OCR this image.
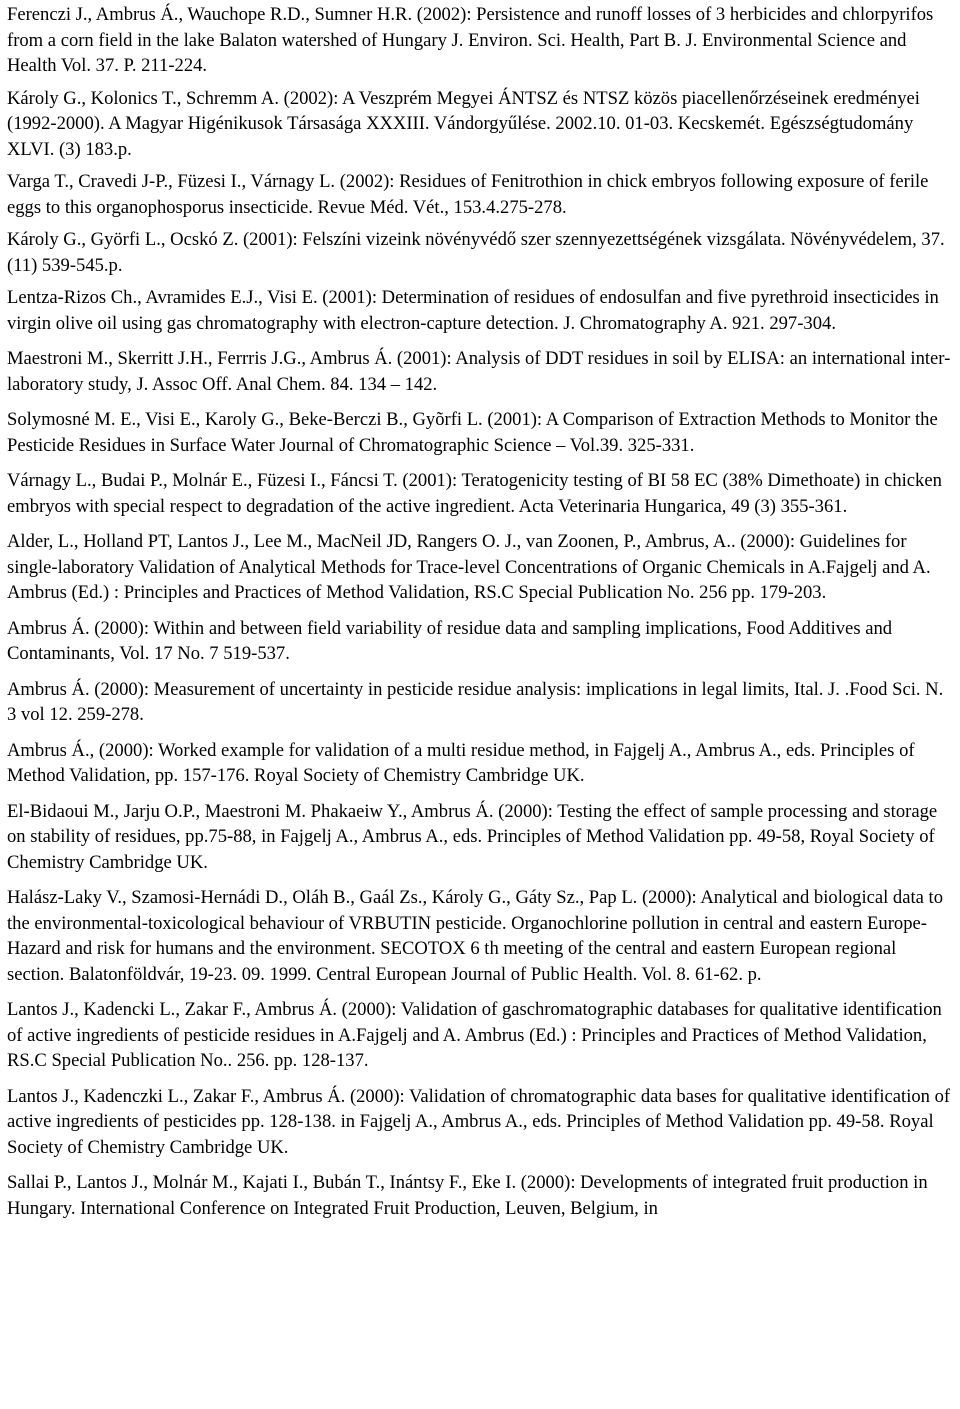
Ferenczi J., Ambrus Á., Wauchope R.D., Sumner H.R. (2002): Persistence and runoff losses of 3 herbicides and chlorpyrifos from a corn field in the lake Balaton watershed of Hungary J. Environ. Sci. Health, Part B. J. Environmental Science and Health Vol. 37. P. 211-224.

Károly G., Kolonics T., Schremm A. (2002): A Veszprém Megyei ÁNTSZ és NTSZ közös piacellenőrzéseinek eredményei (1992-2000). A Magyar Higénikusok Társasága XXXIII. Vándorgyűlése. 2002.10. 01-03. Kecskemét. Egészségtudomány XLVI. (3) 183.p.

Varga T., Cravedi J-P., Füzesi I., Várnagy L. (2002): Residues of Fenitrothion in chick embryos following exposure of ferile eggs to this organophosporus insecticide. Revue Méd. Vét., 153.4.275-278.

Károly G., Györfi L., Ocskó Z. (2001): Felszíni vizeink növényvédő szer szennyezettségének vizsgálata. Növényvédelem, 37. (11) 539-545.p.

Lentza-Rizos Ch., Avramides E.J., Visi E. (2001): Determination of residues of endosulfan and five pyrethroid insecticides in virgin olive oil using gas chromatography with electron-capture detection. J. Chromatography A. 921. 297-304.

Maestroni M., Skerritt J.H., Ferrris J.G., Ambrus Á. (2001): Analysis of DDT residues in soil by ELISA: an international inter-laboratory study, J. Assoc Off. Anal Chem. 84. 134 – 142.

Solymosné M. E., Visi E., Karoly G., Beke-Berczi B., Gyõrfi L. (2001): A Comparison of Extraction Methods to Monitor the Pesticide Residues in Surface Water Journal of Chromatographic Science – Vol.39. 325-331.

Várnagy L., Budai P., Molnár E., Füzesi I., Fáncsi T. (2001): Teratogenicity testing of BI 58 EC (38% Dimethoate) in chicken embryos with special respect to degradation of the active ingredient. Acta Veterinaria Hungarica, 49 (3) 355-361.

Alder, L., Holland PT, Lantos J., Lee M., MacNeil JD, Rangers O. J., van Zoonen, P., Ambrus, A.. (2000): Guidelines for single-laboratory Validation of Analytical Methods for Trace-level Concentrations of Organic Chemicals in A.Fajgelj and A. Ambrus (Ed.) : Principles and Practices of Method Validation, RS.C Special Publication No. 256 pp. 179-203.

Ambrus Á. (2000): Within and between field variability of residue data and sampling implications, Food Additives and Contaminants, Vol. 17 No. 7 519-537.

Ambrus Á. (2000): Measurement of uncertainty in pesticide residue analysis: implications in legal limits, Ital. J. .Food Sci. N. 3 vol 12. 259-278.

Ambrus Á., (2000): Worked example for validation of a multi residue method, in Fajgelj A., Ambrus A., eds. Principles of Method Validation, pp. 157-176. Royal Society of Chemistry Cambridge UK.

El-Bidaoui M., Jarju O.P., Maestroni M. Phakaeiw Y., Ambrus Á. (2000): Testing the effect of sample processing and storage on stability of residues, pp.75-88, in Fajgelj A., Ambrus A., eds. Principles of Method Validation pp. 49-58, Royal Society of Chemistry Cambridge UK.

Halász-Laky V., Szamosi-Hernádi D., Oláh B., Gaál Zs., Károly G., Gáty Sz., Pap L. (2000): Analytical and biological data to the environmental-toxicological behaviour of VRBUTIN pesticide. Organochlorine pollution in central and eastern Europe-Hazard and risk for humans and the environment. SECOTOX 6 th meeting of the central and eastern European regional section. Balatonföldvár, 19-23. 09. 1999. Central European Journal of Public Health. Vol. 8. 61-62. p.

Lantos J., Kadencki L., Zakar F., Ambrus Á. (2000): Validation of gaschromatographic databases for qualitative identification of active ingredients of pesticide residues in A.Fajgelj and A. Ambrus (Ed.) : Principles and Practices of Method Validation, RS.C Special Publication No.. 256. pp. 128-137.

Lantos J., Kadenczki L., Zakar F., Ambrus Á. (2000): Validation of chromatographic data bases for qualitative identification of active ingredients of pesticides pp. 128-138. in Fajgelj A., Ambrus A., eds. Principles of Method Validation pp. 49-58. Royal Society of Chemistry Cambridge UK.

Sallai P., Lantos J., Molnár M., Kajati I., Bubán T., Inántsy F., Eke I. (2000): Developments of integrated fruit production in Hungary. International Conference on Integrated Fruit Production, Leuven, Belgium, in
